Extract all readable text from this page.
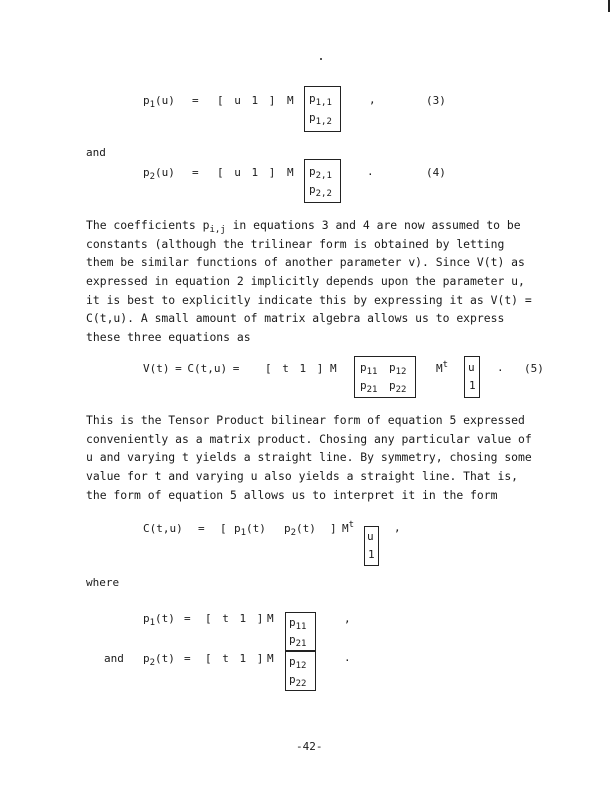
$p_1(u)$ = [ u 1 ] M $p_{1,1}$
$p_{1,2}$
,	(3)
and
$p_2(u)$ = [ u 1 ] M $p_{2,1}$
$p_{2,2}$
.	(4)
The coefficients $p_{i,j}$ in equations 3 and 4 are now assumed to be
constants (although the trilinear form is obtained by letting
them be similar functions of another parameter v). Since V(t) as
expressed in equation 2 implicitly depends upon the parameter u,
it is best to explicitly indicate this by expressing it as V(t) =
C(t,u). A small amount of matrix algebra allows us to express
these three equations as
V(t) = C(t,u) = [ t 1 ] M $p_{11}$ $p_{12}$
$p_{21}$ $p_{22}$
$M^t$ u
1
. (5)
This is the Tensor Product bilinear form of equation 5 expressed
conveniently as a matrix product. Chosing any particular value of
u and varying t yields a straight line. By symmetry, chosing some
value for t and varying u also yields a straight line. That is,
the form of equation 5 allows us to interpret it in the form
C(t,u) = [ $p_1(t)$ $p_2(t)$ ] $M^t$
u
1
,
where
$p_1(t)$ = [ t 1 ] M $p_{11}$
$p_{21}$
,
and $p_2(t)$ = [ t 1 ] M $p_{12}$
$p_{22}$
.
-42-
